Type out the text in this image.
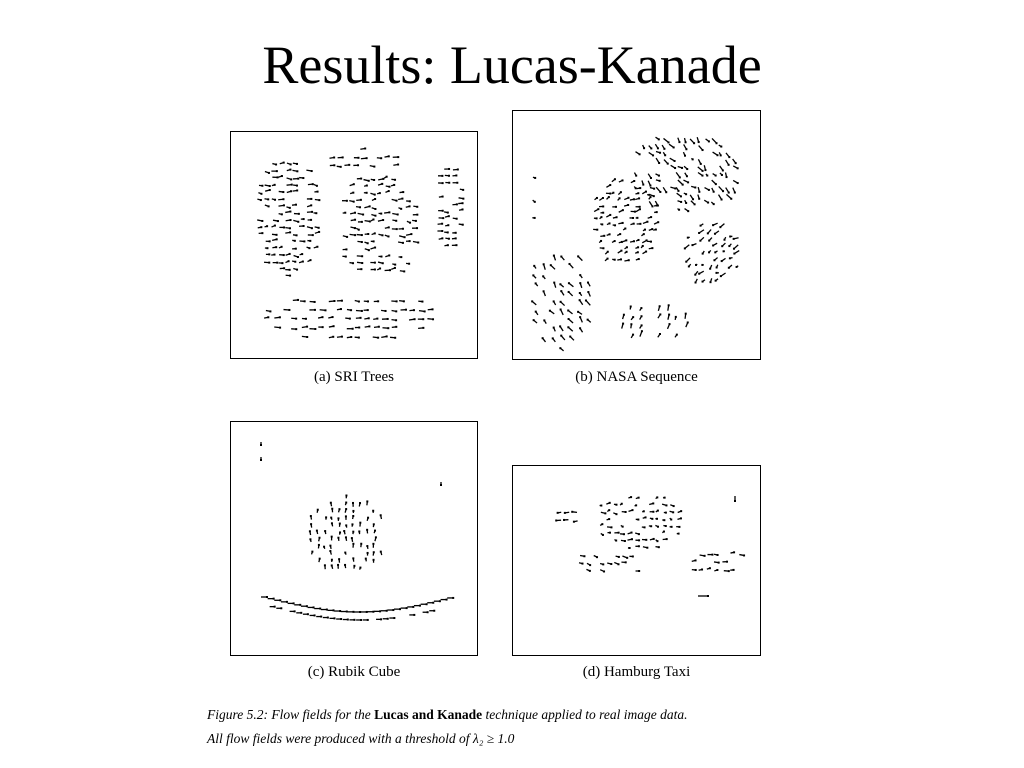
Results: Lucas-Kanade
(a) SRI Trees	(b) NASA Sequence
(c) Rubik Cube	(d) Hamburg Taxi
Figure 5.2: Flow fields for the Lucas and Kanade technique applied to real image data.
All flow fields were produced with a threshold of λ₂ ≥ 1.0
